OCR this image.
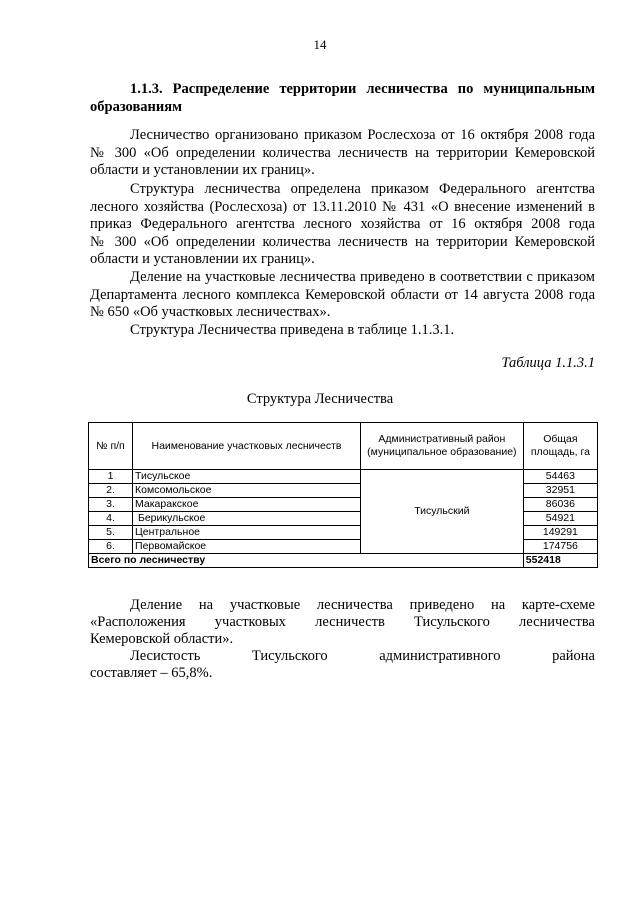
14
1.1.3. Распределение территории лесничества по муниципальным
образованиям
Лесничество организовано приказом Рослесхоза от 16 октября 2008 года
№ 300 «Об определении количества лесничеств на территории Кемеровской
области и установлении их границ».
Структура лесничества определена приказом Федерального агентства
лесного хозяйства (Рослесхоза) от 13.11.2010 № 431 «О внесение изменений в
приказ Федерального агентства лесного хозяйства от 16 октября 2008 года
№ 300 «Об определении количества лесничеств на территории Кемеровской
области и установлении их границ».
Деление на участковые лесничества приведено в соответствии с приказом
Департамента лесного комплекса Кемеровской области от 14 августа 2008 года
№ 650 «Об участковых лесничествах».
Структура Лесничества приведена в таблице 1.1.3.1.
Таблица 1.1.3.1
Структура Лесничества
№ п/п	Наименование участковых лесничеств	Административный район (муниципальное образование)	Общая площадь, га
1	Тисульское	Тисульский	54463
2.	Комсомольское		32951
3.	Макаракское		86036
4.	Берикульское		54921
5.	Центральное		149291
6.	Первомайское		174756
Всего по лесничеству			552418
Деление на участковые лесничества приведено на карте-схеме
«Расположения участковых лесничеств Тисульского лесничества
Кемеровской области».
Лесистость Тисульского административного района
составляет – 65,8%.
